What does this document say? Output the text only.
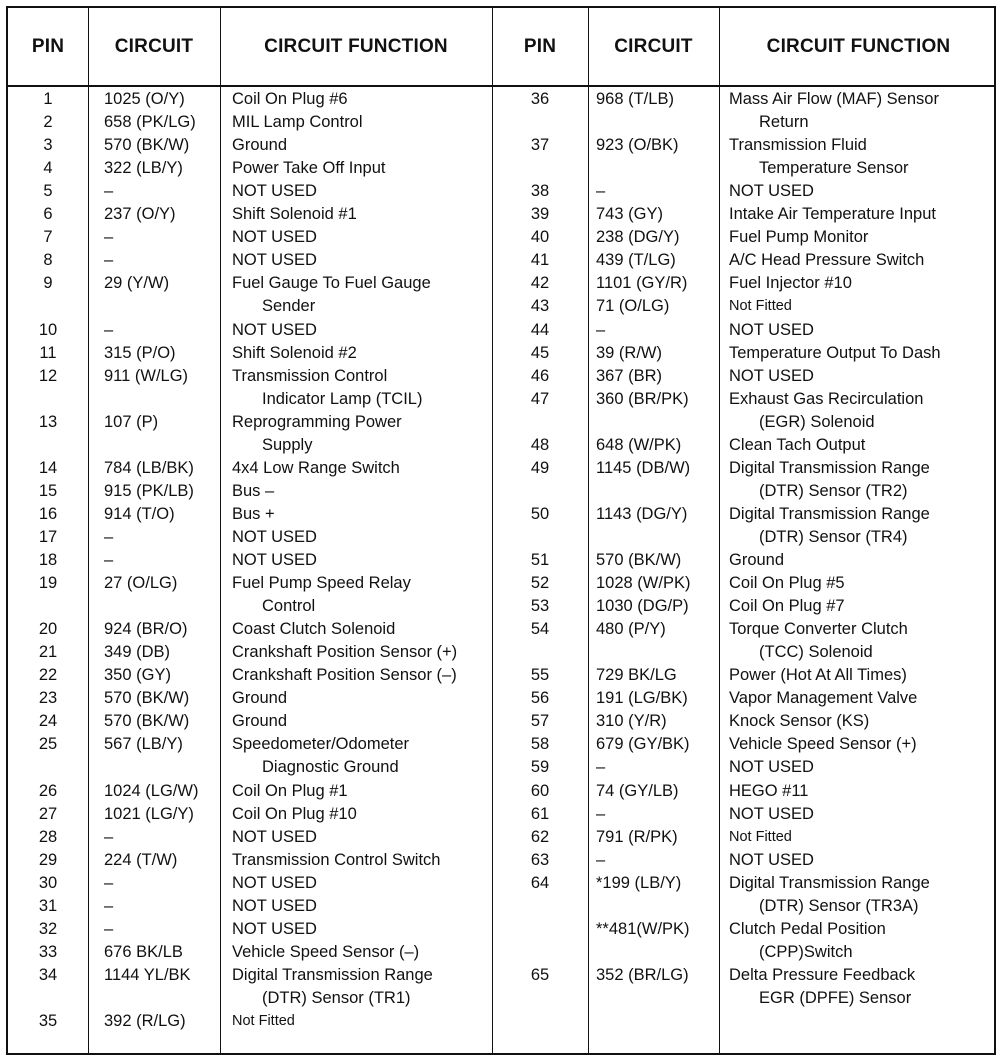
PIN	CIRCUIT	CIRCUIT FUNCTION	PIN	CIRCUIT	CIRCUIT FUNCTION
1	1025 (O/Y)	Coil On Plug #6
2	658 (PK/LG) MIL Lamp Control
3	570 (BK/W)	Ground
4	322 (LB/Y)	Power Take Off Input
5	–	NOT USED
6	237 (O/Y)	Shift Solenoid #1
7	–	NOT USED
8	–	NOT USED
9	29 (Y/W)	Fuel Gauge To Fuel Gauge
Sender
10	–	NOT USED
11	315 (P/O)	Shift Solenoid #2
12	911 (W/LG)	Transmission Control
Indicator Lamp (TCIL)
13	107 (P)	Reprogramming Power
Supply
14	784 (LB/BK) 4x4 Low Range Switch
15	915 (PK/LB) Bus –
16	914 (T/O)	Bus +
17	–	NOT USED
18	–	NOT USED
19	27 (O/LG)	Fuel Pump Speed Relay
Control
20	924 (BR/O)	Coast Clutch Solenoid
21	349 (DB)	Crankshaft Position Sensor (+)
22	350 (GY)	Crankshaft Position Sensor (–)
23	570 (BK/W)	Ground
24	570 (BK/W)	Ground
25	567 (LB/Y)	Speedometer/Odometer
Diagnostic Ground
26	1024 (LG/W) Coil On Plug #1
27	1021 (LG/Y) Coil On Plug #10
28	–	NOT USED
29	224 (T/W)	Transmission Control Switch
30	–	NOT USED
31	–	NOT USED
32	–	NOT USED
33	676 BK/LB	Vehicle Speed Sensor (–)
34	1144 YL/BK	Digital Transmission Range
(DTR) Sensor (TR1)
35	392 (R/LG)	Not Fitted
36	968 (T/LB)	Mass Air Flow (MAF) Sensor
Return
37	923 (O/BK)	Transmission Fluid
Temperature Sensor
38	–	NOT USED
39	743 (GY)	Intake Air Temperature Input
40	238 (DG/Y)	Fuel Pump Monitor
41	439 (T/LG)	A/C Head Pressure Switch
42	1101 (GY/R)	Fuel Injector #10
43	71 (O/LG)	Not Fitted
44	–	NOT USED
45	39 (R/W)	Temperature Output To Dash
46	367 (BR)	NOT USED
47	360 (BR/PK) Exhaust Gas Recirculation
(EGR) Solenoid
48	648 (W/PK)	Clean Tach Output
49	1145 (DB/W) Digital Transmission Range
(DTR) Sensor (TR2)
50	1143 (DG/Y)	Digital Transmission Range
(DTR) Sensor (TR4)
51	570 (BK/W)	Ground
52	1028 (W/PK) Coil On Plug #5
53	1030 (DG/P) Coil On Plug #7
54	480 (P/Y)	Torque Converter Clutch
(TCC) Solenoid
55	729 BK/LG	Power (Hot At All Times)
56	191 (LG/BK)	Vapor Management Valve
57	310 (Y/R)	Knock Sensor (KS)
58	679 (GY/BK) Vehicle Speed Sensor (+)
59	–	NOT USED
60	74 (GY/LB)	HEGO #11
61	–	NOT USED
62	791 (R/PK)	Not Fitted
63	–	NOT USED
64	*199 (LB/Y)	Digital Transmission Range
(DTR) Sensor (TR3A)
**481(W/PK) Clutch Pedal Position
(CPP)Switch
65	352 (BR/LG) Delta Pressure Feedback
EGR (DPFE) Sensor
